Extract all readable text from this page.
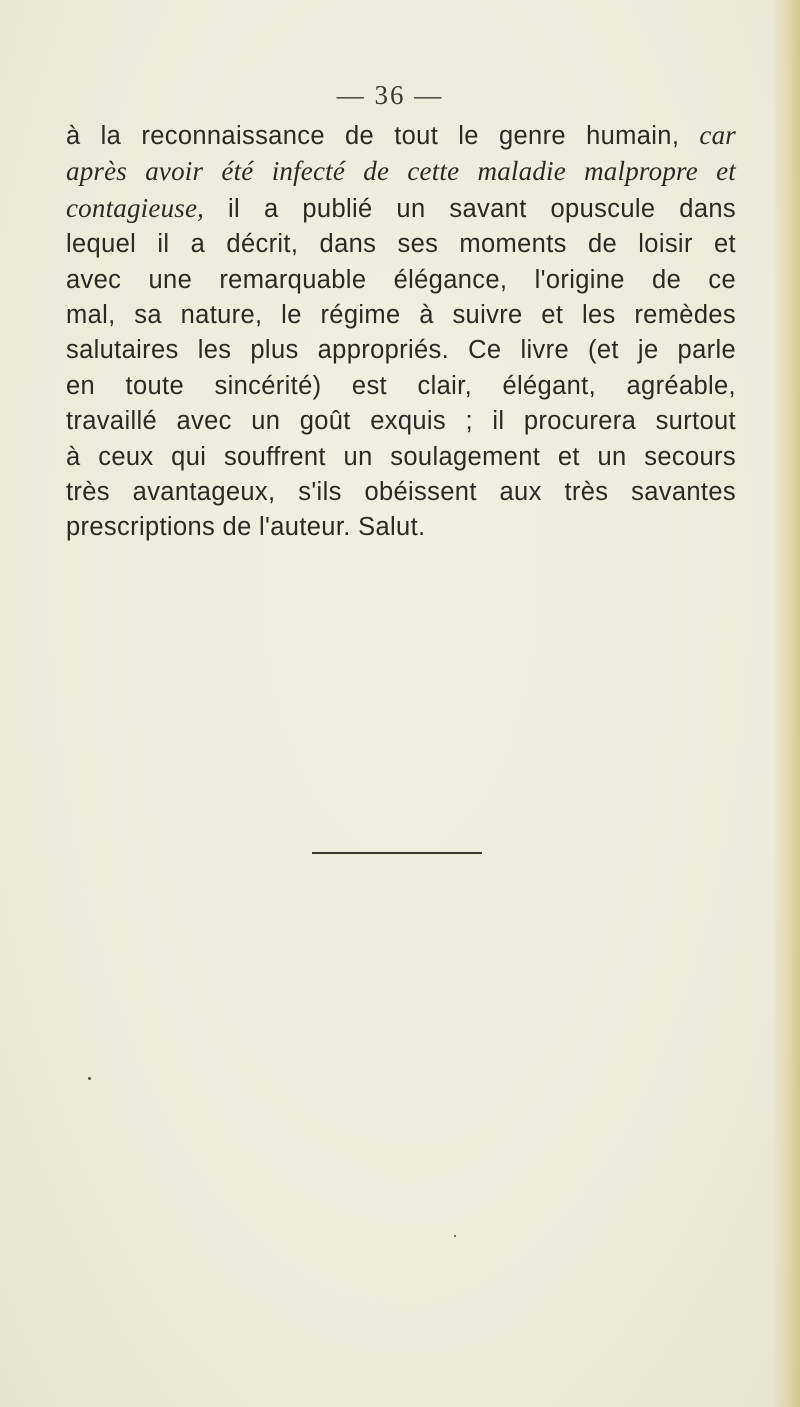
— 36 —
à la reconnaissance de tout le genre humain, car
après avoir été infecté de cette maladie malpropre et
contagieuse, il a publié un savant opuscule dans
lequel il a décrit, dans ses moments de loisir et
avec une remarquable élégance, l'origine de ce
mal, sa nature, le régime à suivre et les remèdes
salutaires les plus appropriés. Ce livre (et je parle
en toute sincérité) est clair, élégant, agréable,
travaillé avec un goût exquis ; il procurera surtout
à ceux qui souffrent un soulagement et un secours
très avantageux, s'ils obéissent aux très savantes
prescriptions de l'auteur. Salut.
